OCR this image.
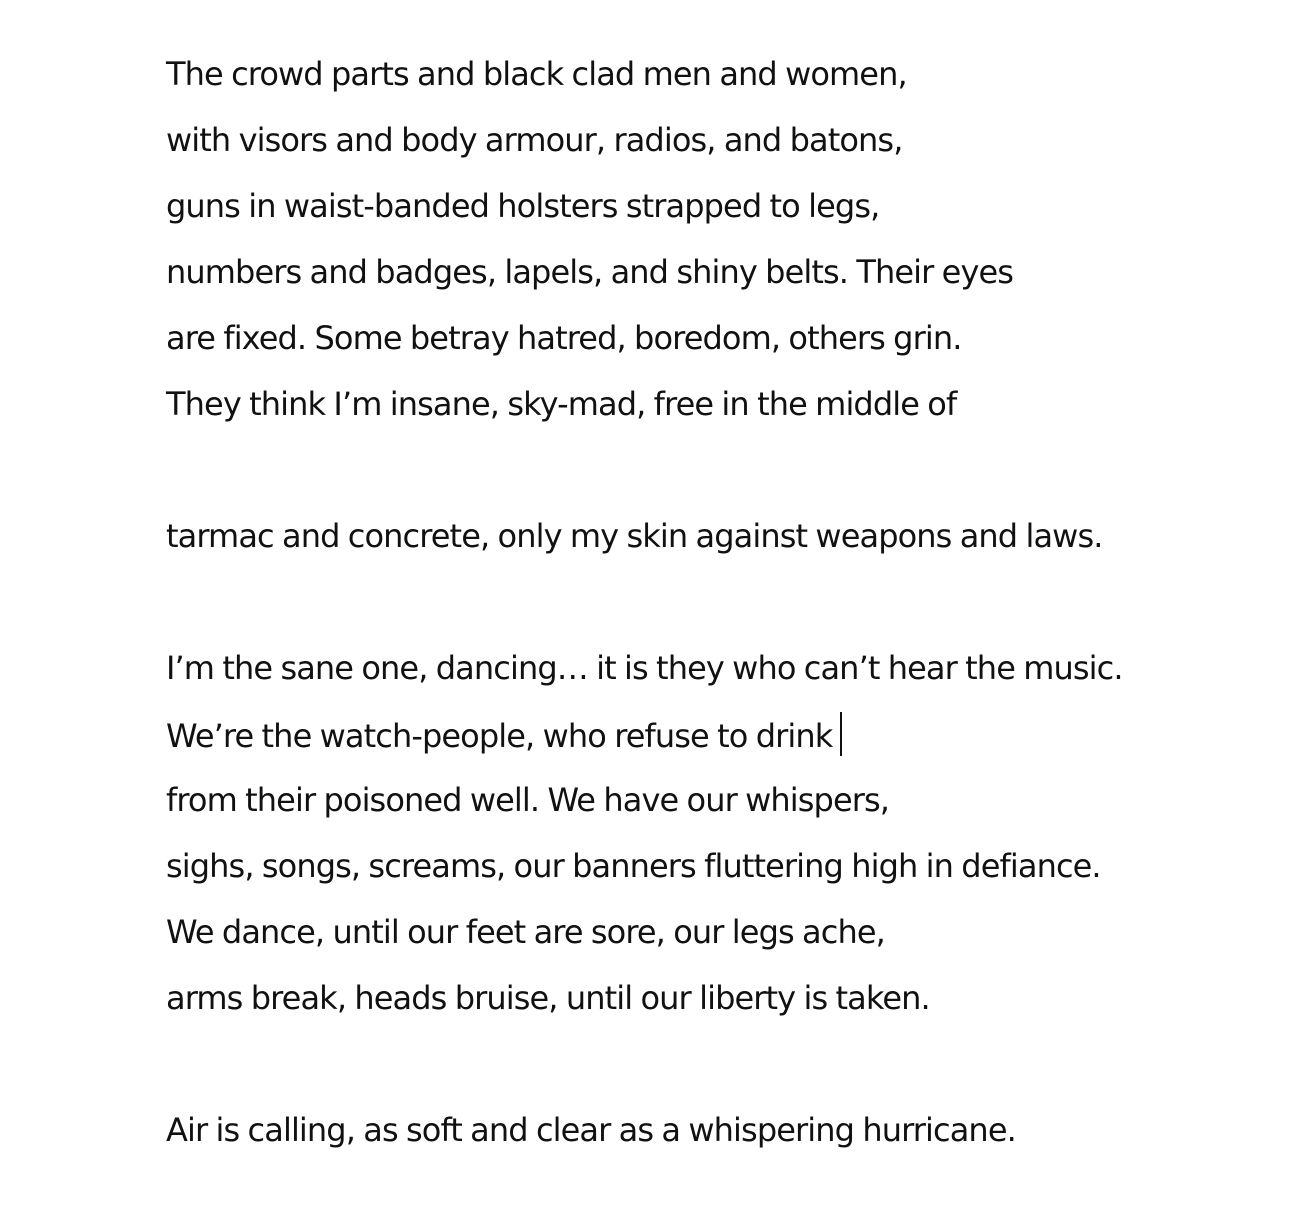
The crowd parts and black clad men and women,
with visors and body armour, radios, and batons,
guns in waist-banded holsters strapped to legs,
numbers and badges, lapels, and shiny belts. Their eyes
are fixed. Some betray hatred, boredom, others grin.
They think I’m insane, sky-mad, free in the middle of
tarmac and concrete, only my skin against weapons and laws.
I’m the sane one, dancing… it is they who can’t hear the music.
We’re the watch-people, who refuse to drink
from their poisoned well. We have our whispers,
sighs, songs, screams, our banners fluttering high in defiance.
We dance, until our feet are sore, our legs ache,
arms break, heads bruise, until our liberty is taken.
Air is calling, as soft and clear as a whispering hurricane.
